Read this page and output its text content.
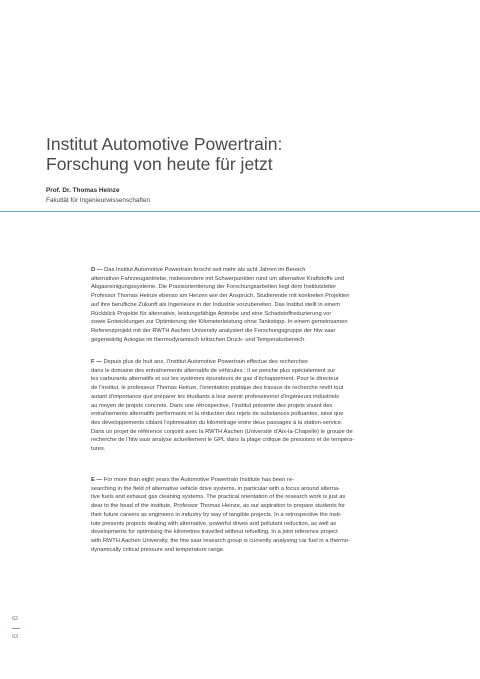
Institut Automotive Powertrain:
Forschung von heute für jetzt
Prof. Dr. Thomas Heinze
Fakultät für Ingenieurwissenschaften
D — Das Institut Automotive Powertrain forscht seit mehr als acht Jahren im Bereich
alternativer Fahrzeugantriebe, insbesondere mit Schwerpunkten rund um alternative Kraftstoffe und
Abgasreinigungssysteme. Die Praxisorientierung der Forschungsarbeiten liegt dem Institutsleiter
Professor Thomas Heinze ebenso am Herzen wie der Anspruch, Studierende mit konkreten Projekten
auf ihre berufliche Zukunft als Ingenieure in der Industrie vorzubereiten. Das Institut stellt in einem
Rückblick Projekte für alternative, leistungsfähige Antriebe und eine Schadstoffreduzierung vor
sowie Entwicklungen zur Optimierung der Kilometerleistung ohne Tankstopp. In einem gemeinsamen
Referenzprojekt mit der RWTH Aachen University analysiert die Forschungsgruppe der htw saar
gegenwärtig Autogas im thermodynamisch kritischen Druck- und Temperaturbereich.
F — Depuis plus de huit ans, l’Institut Automotive Powertrain effectue des recherches
dans le domaine des entraînements alternatifs de véhicules ; il se penche plus spécialement sur
les carburants alternatifs et sur les systèmes épurateurs de gaz d’échappement. Pour le directeur
de l’institut, le professeur Thomas Heinze, l’orientation pratique des travaux de recherche revêt tout
autant d’importance que préparer les étudiants à leur avenir professionnel d’ingénieurs industriels
au moyen de projets concrets. Dans une rétrospective, l’institut présente des projets visant des
entraînements alternatifs performants et la réduction des rejets de substances polluantes, ainsi que
des développements ciblant l’optimisation du kilométrage entre deux passages à la station-service.
Dans un projet de référence conjoint avec la RWTH Aachen (Université d’Aix-la-Chapelle) le groupe de
recherche de l’htw saar analyse actuellement le GPL dans la plage critique de pressions et de tempéra-
tures.
E — For more than eight years the Automotive Powertrain Institute has been re-
searching in the field of alternative vehicle drive systems, in particular with a focus around alterna-
tive fuels and exhaust gas cleaning systems. The practical orientation of the research work is just as
dear to the head of the institute, Professor Thomas Heinze, as our aspiration to prepare students for
their future careers as engineers in industry by way of tangible projects. In a retrospective the insti-
tute presents projects dealing with alternative, powerful drives and pollutant reduction, as well as
developments for optimising the kilometres travelled without refuelling. In a joint reference project
with RWTH Aachen University, the htw saar research group is currently analysing car fuel in a thermo-
dynamically critical pressure and temperature range.
62
63
